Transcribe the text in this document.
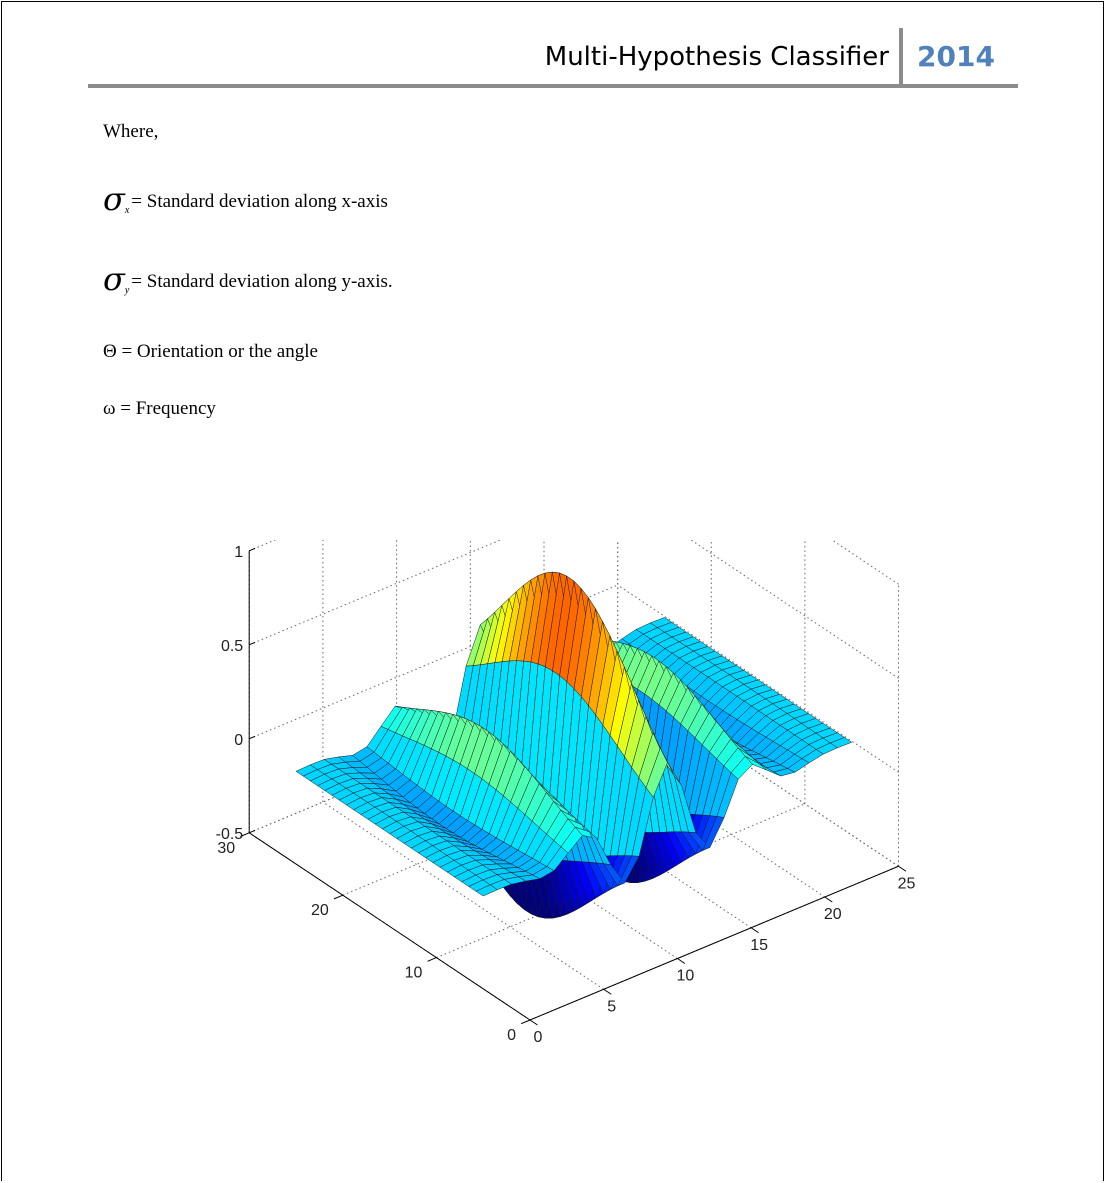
Multi-Hypothesis Classifier 2014
Where,
$\sigma_x$ = Standard deviation along x-axis
$\sigma_y$ = Standard deviation along y-axis.
Θ = Orientation or the angle
ω = Frequency
0
5
10
15
20
25
0
10
20
30
-0.5
0
0.5
1
